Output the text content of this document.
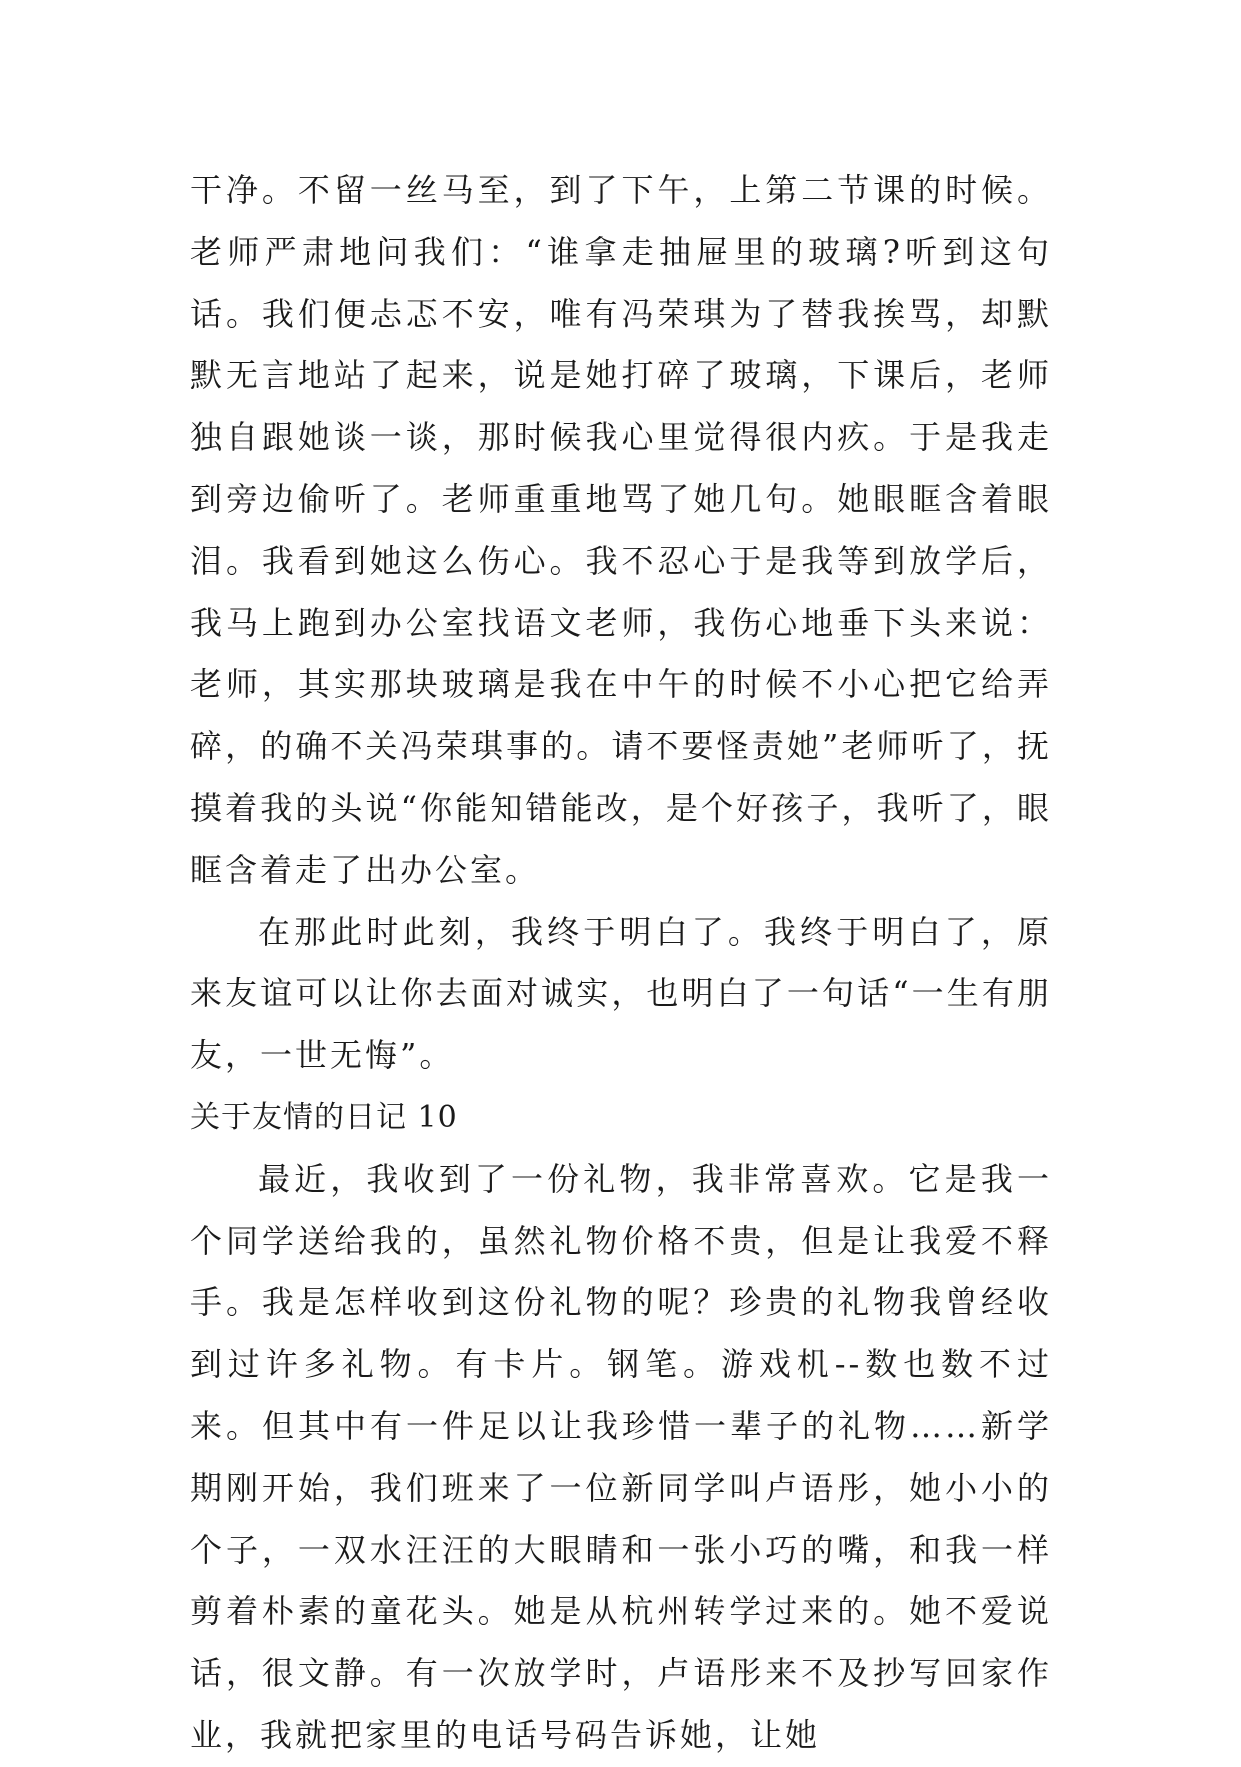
干净。不留一丝马至，到了下午，上第二节课的时候。老师严肃地问我们：“谁拿走抽屉里的玻璃?听到这句话。我们便忐忑不安，唯有冯荣琪为了替我挨骂，却默默无言地站了起来，说是她打碎了玻璃，下课后，老师独自跟她谈一谈，那时候我心里觉得很内疚。于是我走到旁边偷听了。老师重重地骂了她几句。她眼眶含着眼泪。我看到她这么伤心。我不忍心于是我等到放学后，我马上跑到办公室找语文老师，我伤心地垂下头来说：老师，其实那块玻璃是我在中午的时候不小心把它给弄碎，的确不关冯荣琪事的。请不要怪责她”老师听了，抚摸着我的头说“你能知错能改，是个好孩子，我听了，眼眶含着走了出办公室。

在那此时此刻，我终于明白了。我终于明白了，原来友谊可以让你去面对诚实，也明白了一句话“一生有朋友，一世无悔”。

关于友情的日记 10

最近，我收到了一份礼物，我非常喜欢。它是我一个同学送给我的，虽然礼物价格不贵，但是让我爱不释手。我是怎样收到这份礼物的呢？珍贵的礼物我曾经收到过许多礼物。有卡片。钢笔。游戏机--数也数不过来。但其中有一件足以让我珍惜一辈子的礼物……新学期刚开始，我们班来了一位新同学叫卢语彤，她小小的个子，一双水汪汪的大眼睛和一张小巧的嘴，和我一样剪着朴素的童花头。她是从杭州转学过来的。她不爱说话，很文静。有一次放学时，卢语彤来不及抄写回家作业，我就把家里的电话号码告诉她，让她
